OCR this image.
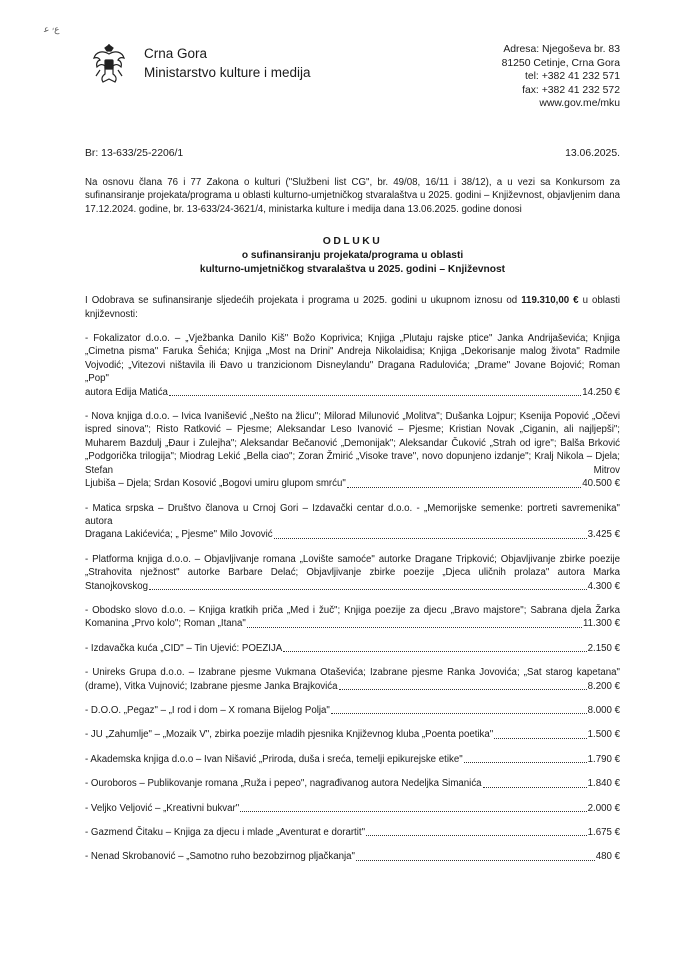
ﻉۥ ﻋ
Crna Gora
Ministarstvo kulture i medija
Adresa: Njegoševa br. 83
81250 Cetinje, Crna Gora
tel: +382 41 232 571
fax: +382 41 232 572
www.gov.me/mku
Br: 13-633/25-2206/1	13.06.2025.

Na osnovu člana 76 i 77 Zakona o kulturi ("Službeni list CG", br. 49/08, 16/11 i 38/12), a u vezi sa Konkursom za sufinansiranje projekata/programa u oblasti kulturno-umjetničkog stvaralaštva u 2025. godini – Književnost, objavljenim dana 17.12.2024. godine, br. 13-633/24-3621/4, ministarka kulture i medija dana 13.06.2025. godine donosi

ODLUKU
o sufinansiranju projekata/programa u oblasti
kulturno-umjetničkog stvaralaštva u 2025. godini – Književnost

I Odobrava se sufinansiranje sljedećih projekata i programa u 2025. godini u ukupnom iznosu od 119.310,00 € u oblasti književnosti:

- Fokalizator d.o.o. – „Vježbanka Danilo Kiš" Božo Koprivica; Knjiga „Plutaju rajske ptice" Janka Andrijaševića; Knjiga „Cimetna pisma" Faruka Šehića; Knjiga „Most na Drini" Andreja Nikolaidisa; Knjiga „Dekorisanje malog života" Radmile Vojvodić; „Vitezovi ništavila ili Đavo u tranzicionom Disneylandu" Dragana Radulovića; „Drame" Jovane Bojović; Roman „Pop"
autora Edija Matića	14.250 €
- Nova knjiga d.o.o. – Ivica Ivanišević „Nešto na žlicu"; Milorad Milunović „Molitva"; Dušanka Lojpur; Ksenija Popović „Očevi ispred sinova"; Risto Ratković – Pjesme; Aleksandar Leso Ivanović – Pjesme; Kristian Novak „Ciganin, ali najljepši"; Muharem Bazdulj „Đaur i Zulejha"; Aleksandar Bečanović „Demonijak"; Aleksandar Čuković „Strah od igre"; Balša Brković „Podgorička trilogija"; Miodrag Lekić „Bella ciao"; Zoran Žmirić „Visoke trave", novo dopunjeno izdanje"; Kralj Nikola – Djela; Stefan Mitrov
Ljubiša – Djela; Srdan Kosović „Bogovi umiru glupom smrću"	40.500 €
- Matica srpska – Društvo članova u Crnoj Gori – Izdavački centar d.o.o. - „Memorijske semenke: portreti savremenika" autora
Dragana Lakićevića; „ Pjesme" Milo Jovović	3.425 €
- Platforma knjiga d.o.o. – Objavljivanje romana „Lovište samoće" autorke Dragane Tripković; Objavljivanje zbirke poezije „Strahovita nježnost" autorke Barbare Delać; Objavljivanje zbirke poezije „Djeca uličnih prolaza" autora Marka
Stanojkovskog	4.300 €
- Obodsko slovo d.o.o. – Knjiga kratkih priča „Med i žuč"; Knjiga poezije za djecu „Bravo majstore"; Sabrana djela Žarka
Komanina „Prvo kolo"; Roman „Itana"	11.300 €
- Izdavačka kuća „CID" – Tin Ujević: POEZIJA	2.150 €
- Unireks Grupa d.o.o. – Izabrane pjesme Vukmana Otaševića; Izabrane pjesme Ranka Jovovića; „Sat starog kapetana"
(drame), Vitka Vujnović; Izabrane pjesme Janka Brajkovića	8.200 €
- D.O.O. „Pegaz" – „I rod i dom – X romana Bijelog Polja"	8.000 €
- JU „Zahumlje" – „Mozaik V", zbirka poezije mladih pjesnika Književnog kluba „Poenta poetika"	1.500 €
- Akademska knjiga d.o.o – Ivan Nišavić „Priroda, duša i sreća, temelji epikurejske etike"	1.790 €
- Ouroboros – Publikovanje romana „Ruža i pepeo", nagrađivanog autora Nedeljka Simanića	1.840 €
- Veljko Veljović – „Kreativni bukvar"	2.000 €
- Gazmend Čitaku – Knjiga za djecu i mlade „Aventurat e dorartit"	1.675 €
- Nenad Skrobanović – „Samotno ruho bezobzirnog pljačkanja"	480 €
